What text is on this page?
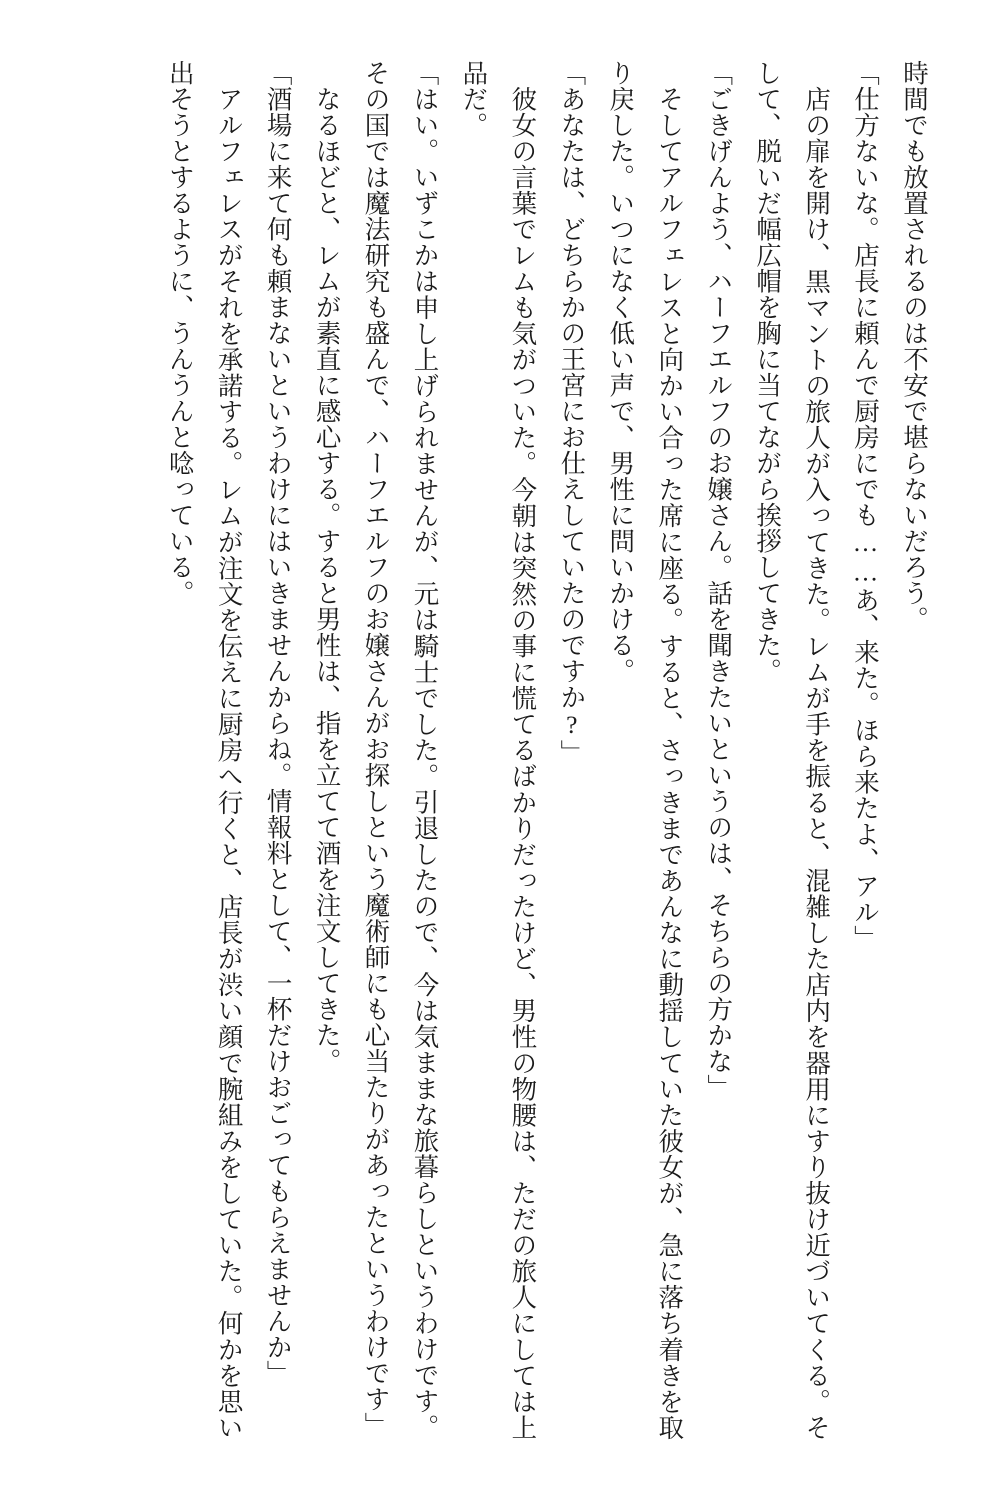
時間でも放置されるのは不安で堪らないだろう。

「仕方ないな。店長に頼んで厨房にでも……あ、来た。ほら来たよ、アル」

店の扉を開け、黒マントの旅人が入ってきた。レムが手を振ると、混雑した店内を器用にすり抜け近づいてくる。そして、脱いだ幅広帽を胸に当てながら挨拶してきた。

「ごきげんよう、ハーフエルフのお嬢さん。話を聞きたいというのは、そちらの方かな」

そしてアルフェレスと向かい合った席に座る。すると、さっきまであんなに動揺していた彼女が、急に落ち着きを取り戻した。いつになく低い声で、男性に問いかける。

「あなたは、どちらかの王宮にお仕えしていたのですか?」

彼女の言葉でレムも気がついた。今朝は突然の事に慌てるばかりだったけど、男性の物腰は、ただの旅人にしては上品だ。

「はい。いずこかは申し上げられませんが、元は騎士でした。引退したので、今は気ままな旅暮らしというわけです。その国では魔法研究も盛んで、ハーフエルフのお嬢さんがお探しという魔術師にも心当たりがあったというわけです」

なるほどと、レムが素直に感心する。すると男性は、指を立てて酒を注文してきた。

「酒場に来て何も頼まないというわけにはいきませんからね。情報料として、一杯だけおごってもらえませんか」

アルフェレスがそれを承諾する。レムが注文を伝えに厨房へ行くと、店長が渋い顔で腕組みをしていた。何かを思い出そうとするように、うんうんと唸っている。
